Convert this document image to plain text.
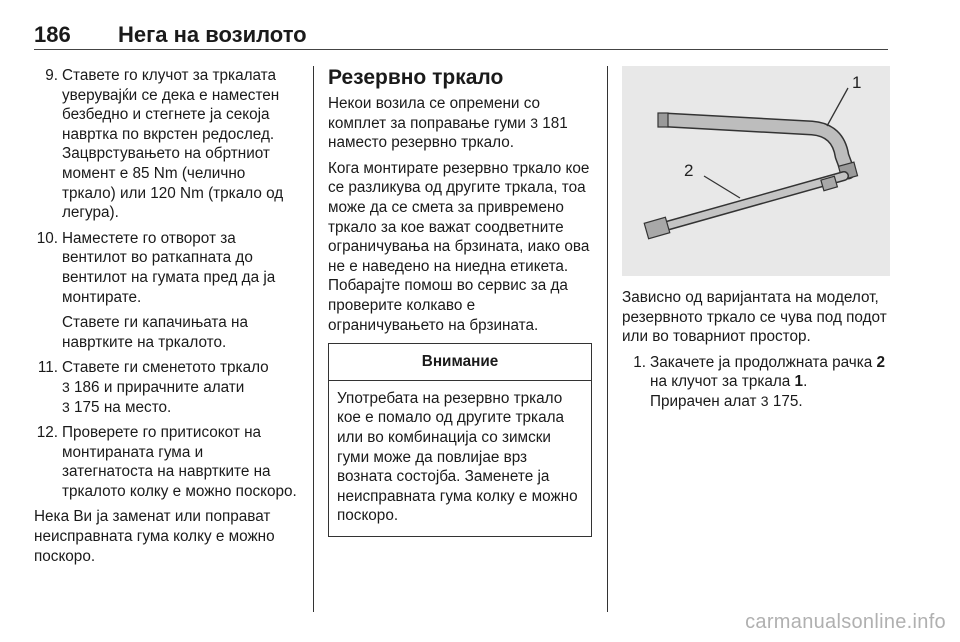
186 Нега на возилото
9. Ставете го клучот за тркалата уверувајќи се дека е наместен безбедно и стегнете ја секоја навртка по вкрстен редослед. Зацврстувањето на обртниот момент е 85 Nm (челично тркало) или 120 Nm (тркало од легура).
10. Наместете го отворот за вентилот во раткапната до вентилот на гумата пред да ја монтирате.
Ставете ги капачињата на навртките на тркалото.
11. Ставете ги сменетото тркало
3 186 и прирачните алати
3 175 на место.
12. Проверете го притисокот на монтираната гума и затегнатоста на навртките на тркалото колку е можно поскоро.

Нека Ви ја заменат или поправат неисправната гума колку е можно поскоро.

Резервно тркало

Некои возила се опремени со комплет за поправање гуми 3 181 наместо резервно тркало.

Кога монтирате резервно тркало кое се разликува од другите тркала, тоа може да се смета за привремено тркало за кое важат соодветните ограничувања на брзината, иако ова не е наведено на ниедна етикета. Побарајте помош во сервис за да проверите колкаво е ограничувањето на брзината.

Внимание
Употребата на резервно тркало кое е помало од другите тркала или во комбинација со зимски гуми може да повлијае врз возната состојба. Заменете ја неисправната гума колку е можно поскоро.
1
2

Зависно од варијантата на моделот, резервното тркало се чува под подот или во товарниот простор.

1. Закачете ја продолжната рачка 2 на клучот за тркала 1.
Прирачен алат 3 175.
carmanualsonline.info
